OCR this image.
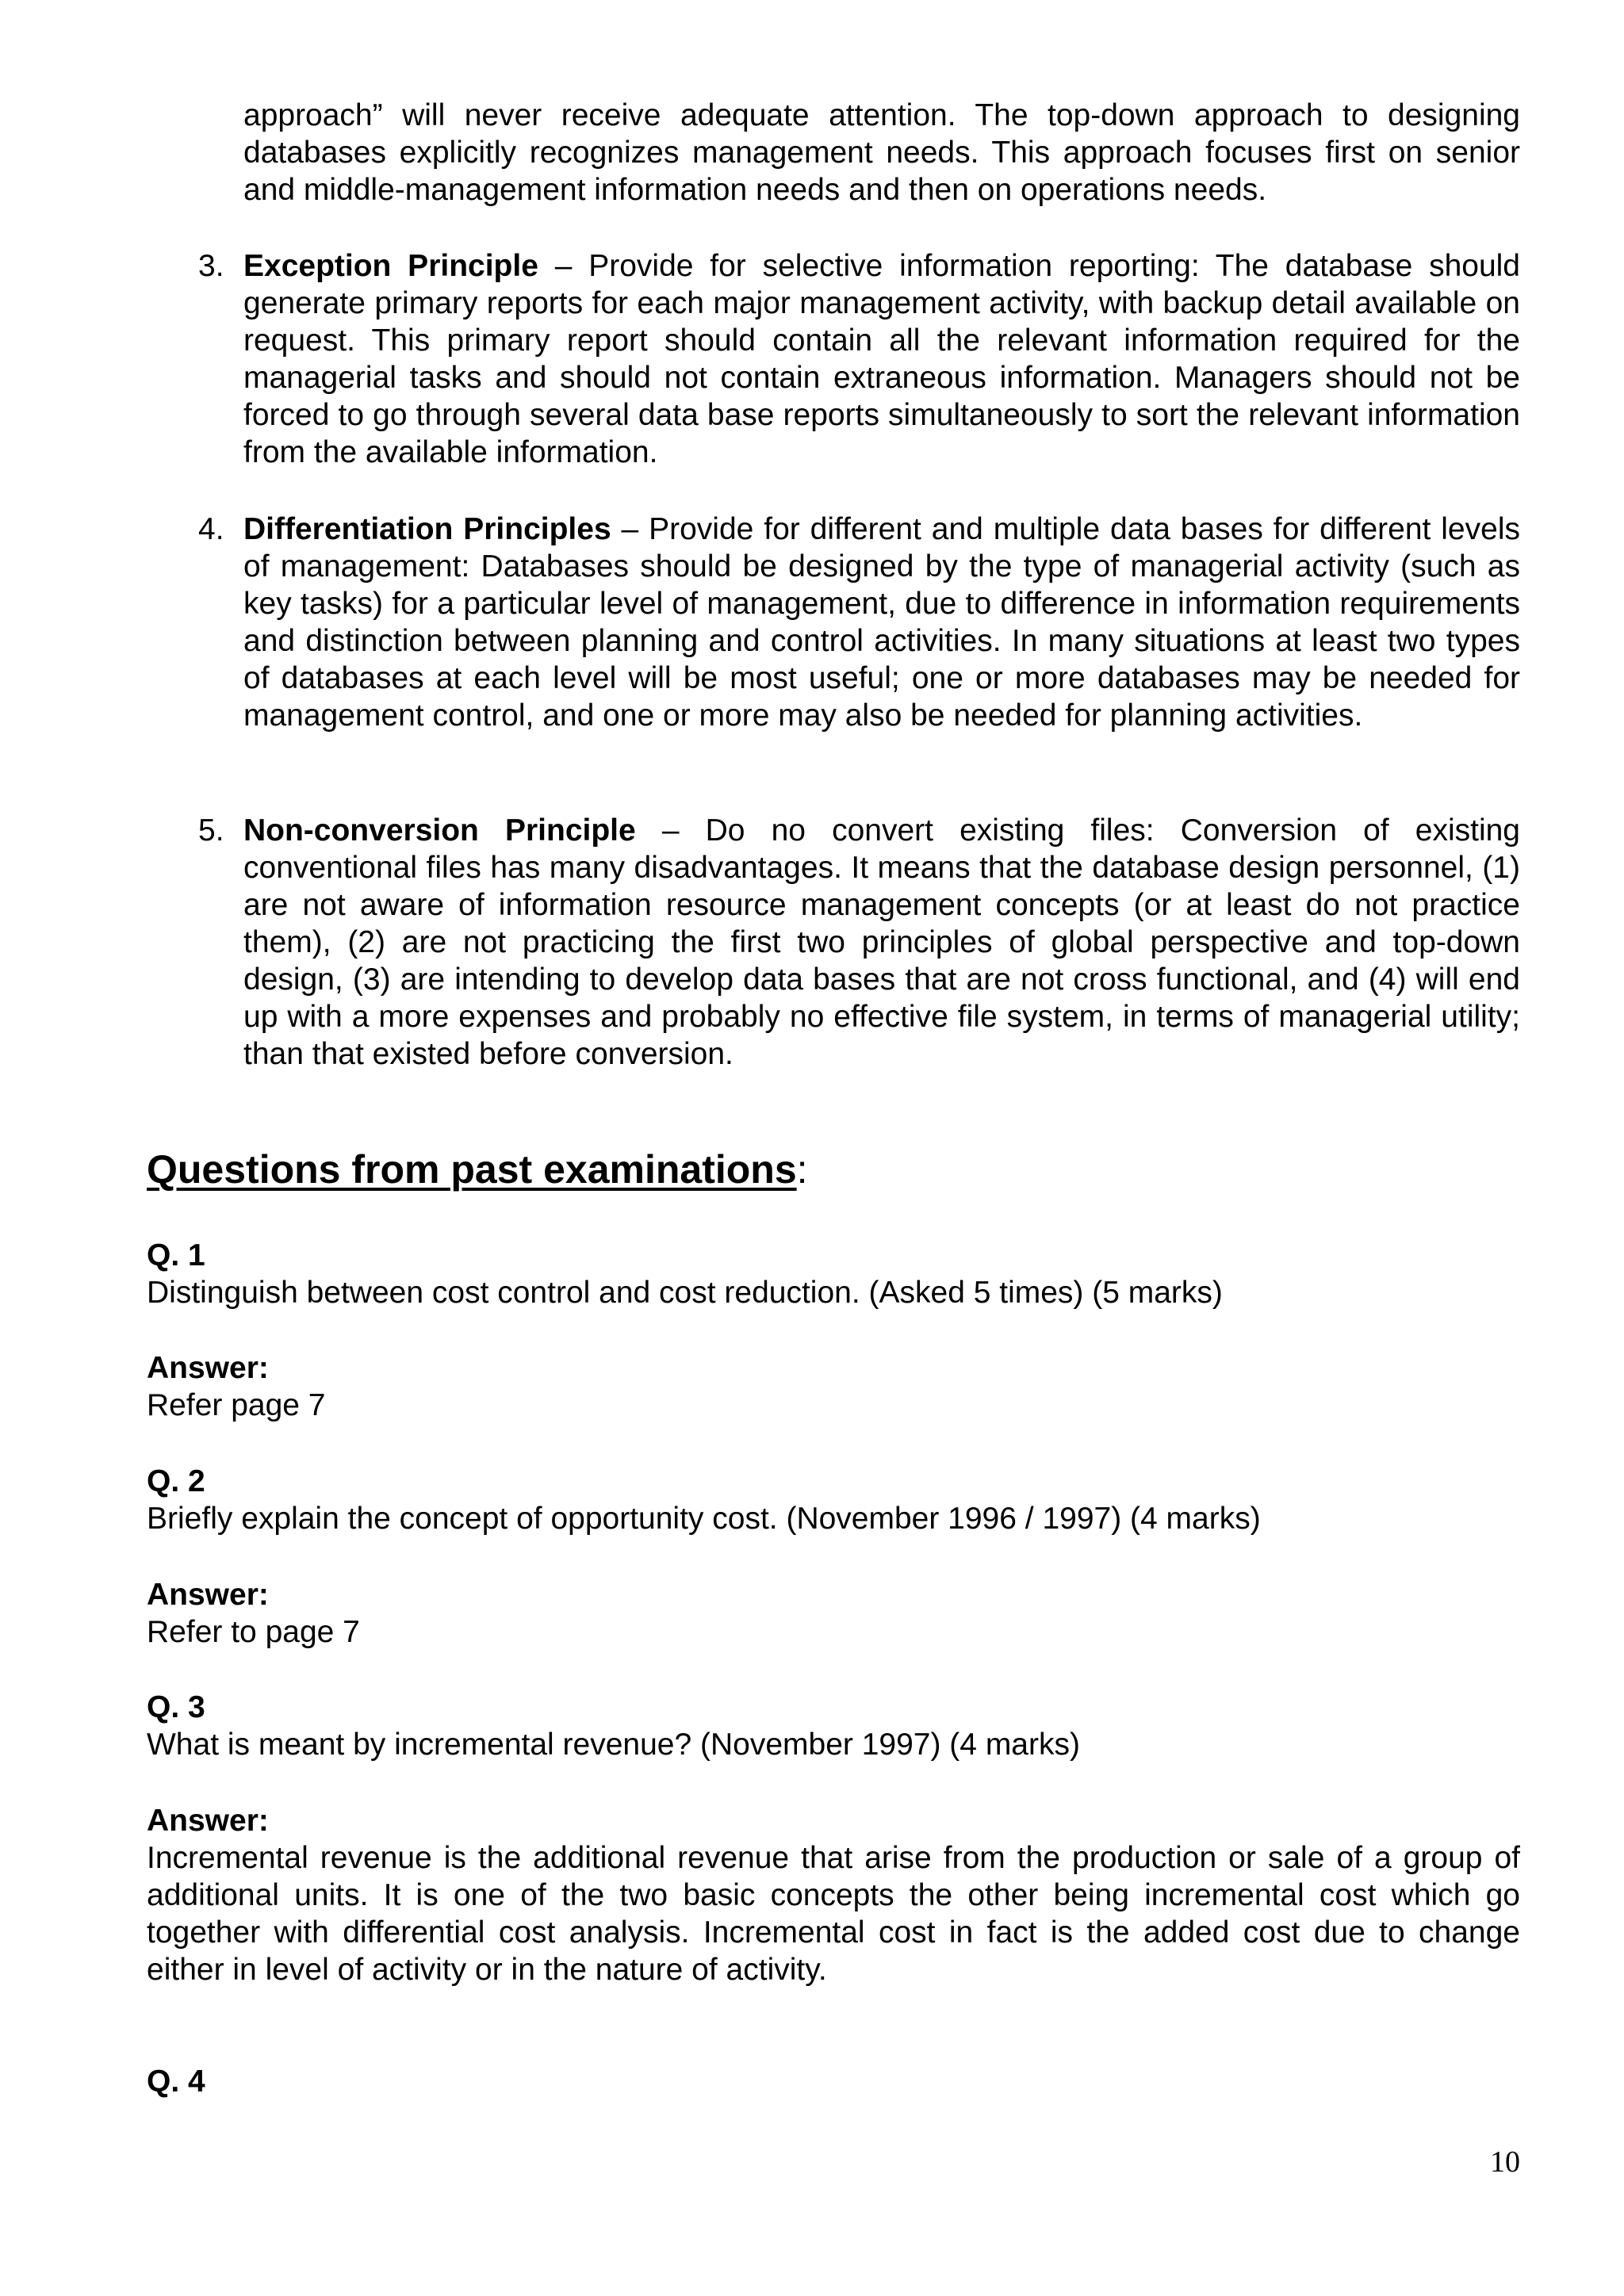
approach” will never receive adequate attention. The top-down approach to designing databases explicitly recognizes management needs. This approach focuses first on senior and middle-management information needs and then on operations needs.
3. Exception Principle – Provide for selective information reporting: The database should generate primary reports for each major management activity, with backup detail available on request. This primary report should contain all the relevant information required for the managerial tasks and should not contain extraneous information. Managers should not be forced to go through several data base reports simultaneously to sort the relevant information from the available information.
4. Differentiation Principles – Provide for different and multiple data bases for different levels of management: Databases should be designed by the type of managerial activity (such as key tasks) for a particular level of management, due to difference in information requirements and distinction between planning and control activities. In many situations at least two types of databases at each level will be most useful; one or more databases may be needed for management control, and one or more may also be needed for planning activities.
5. Non-conversion Principle – Do no convert existing files: Conversion of existing conventional files has many disadvantages. It means that the database design personnel, (1) are not aware of information resource management concepts (or at least do not practice them), (2) are not practicing the first two principles of global perspective and top-down design, (3) are intending to develop data bases that are not cross functional, and (4) will end up with a more expenses and probably no effective file system, in terms of managerial utility; than that existed before conversion.
Questions from past examinations:
Q. 1
Distinguish between cost control and cost reduction. (Asked 5 times) (5 marks)
Answer:
Refer page 7
Q. 2
Briefly explain the concept of opportunity cost. (November 1996 / 1997) (4 marks)
Answer:
Refer to page 7
Q. 3
What is meant by incremental revenue? (November 1997) (4 marks)
Answer:
Incremental revenue is the additional revenue that arise from the production or sale of a group of additional units. It is one of the two basic concepts the other being incremental cost which go together with differential cost analysis. Incremental cost in fact is the added cost due to change either in level of activity or in the nature of activity.
Q. 4
10
